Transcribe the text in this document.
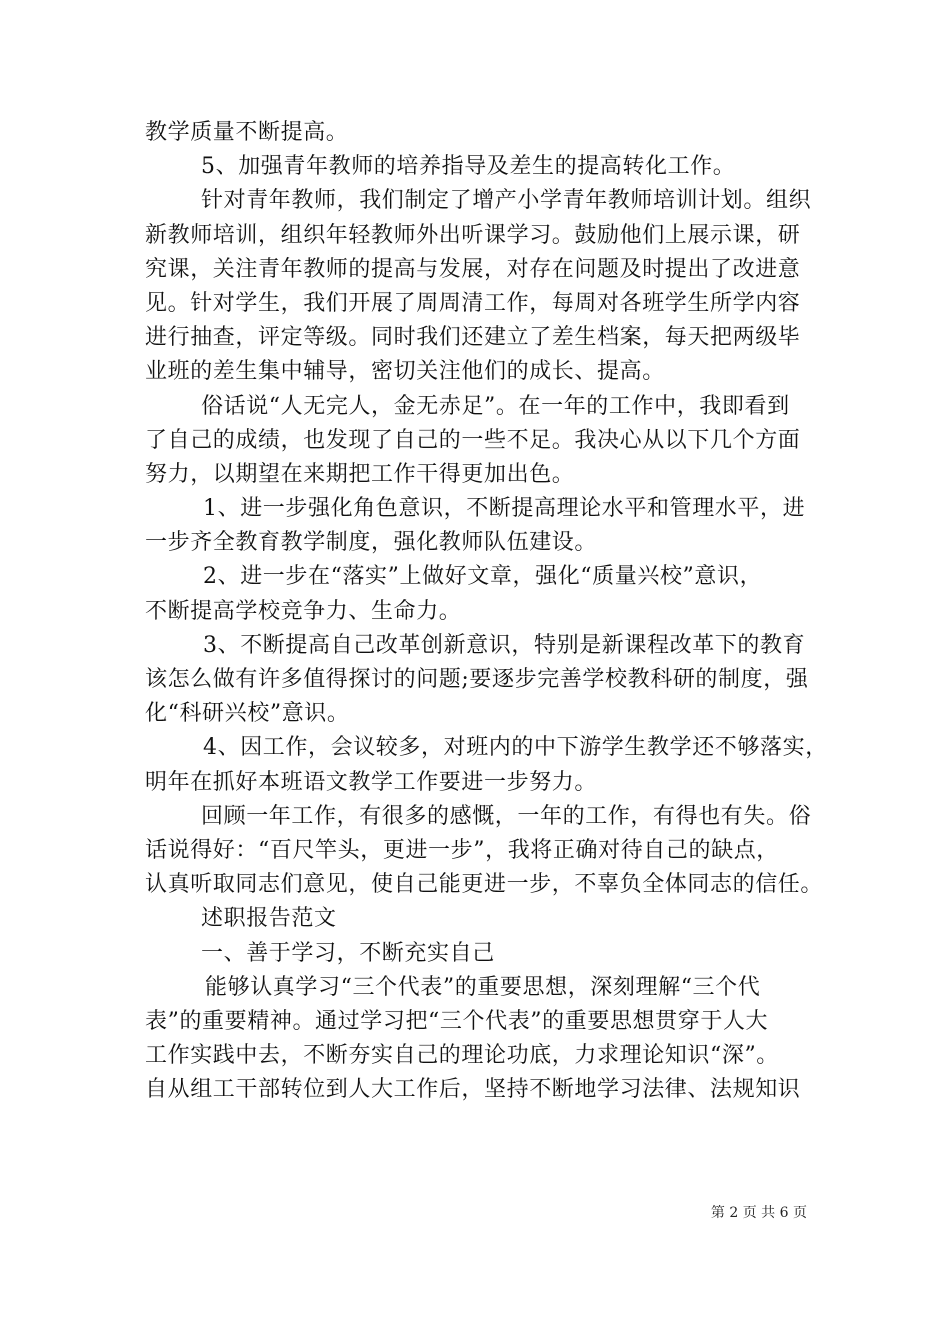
教学质量不断提高。
5、加强青年教师的培养指导及差生的提高转化工作。
针对青年教师，我们制定了增产小学青年教师培训计划。组织
新教师培训，组织年轻教师外出听课学习。鼓励他们上展示课，研
究课，关注青年教师的提高与发展，对存在问题及时提出了改进意
见。针对学生，我们开展了周周清工作，每周对各班学生所学内容
进行抽查，评定等级。同时我们还建立了差生档案，每天把两级毕
业班的差生集中辅导，密切关注他们的成长、提高。
俗话说“人无完人，金无赤足”。在一年的工作中，我即看到
了自己的成绩，也发现了自己的一些不足。我决心从以下几个方面
努力，以期望在来期把工作干得更加出色。
1、进一步强化角色意识，不断提高理论水平和管理水平，进
一步齐全教育教学制度，强化教师队伍建设。
2、进一步在“落实”上做好文章，强化“质量兴校”意识，
不断提高学校竞争力、生命力。
3、不断提高自己改革创新意识，特别是新课程改革下的教育
该怎么做有许多值得探讨的问题;要逐步完善学校教科研的制度，强
化“科研兴校”意识。
4、因工作，会议较多，对班内的中下游学生教学还不够落实，
明年在抓好本班语文教学工作要进一步努力。
回顾一年工作，有很多的感慨，一年的工作，有得也有失。俗
话说得好：“百尺竿头，更进一步”，我将正确对待自己的缺点，
认真听取同志们意见，使自己能更进一步，不辜负全体同志的信任。
述职报告范文
一、善于学习，不断充实自己
能够认真学习“三个代表”的重要思想，深刻理解“三个代
表”的重要精神。通过学习把“三个代表”的重要思想贯穿于人大
工作实践中去，不断夯实自己的理论功底，力求理论知识“深”。
自从组工干部转位到人大工作后，坚持不断地学习法律、法规知识
第 2 页 共 6 页
